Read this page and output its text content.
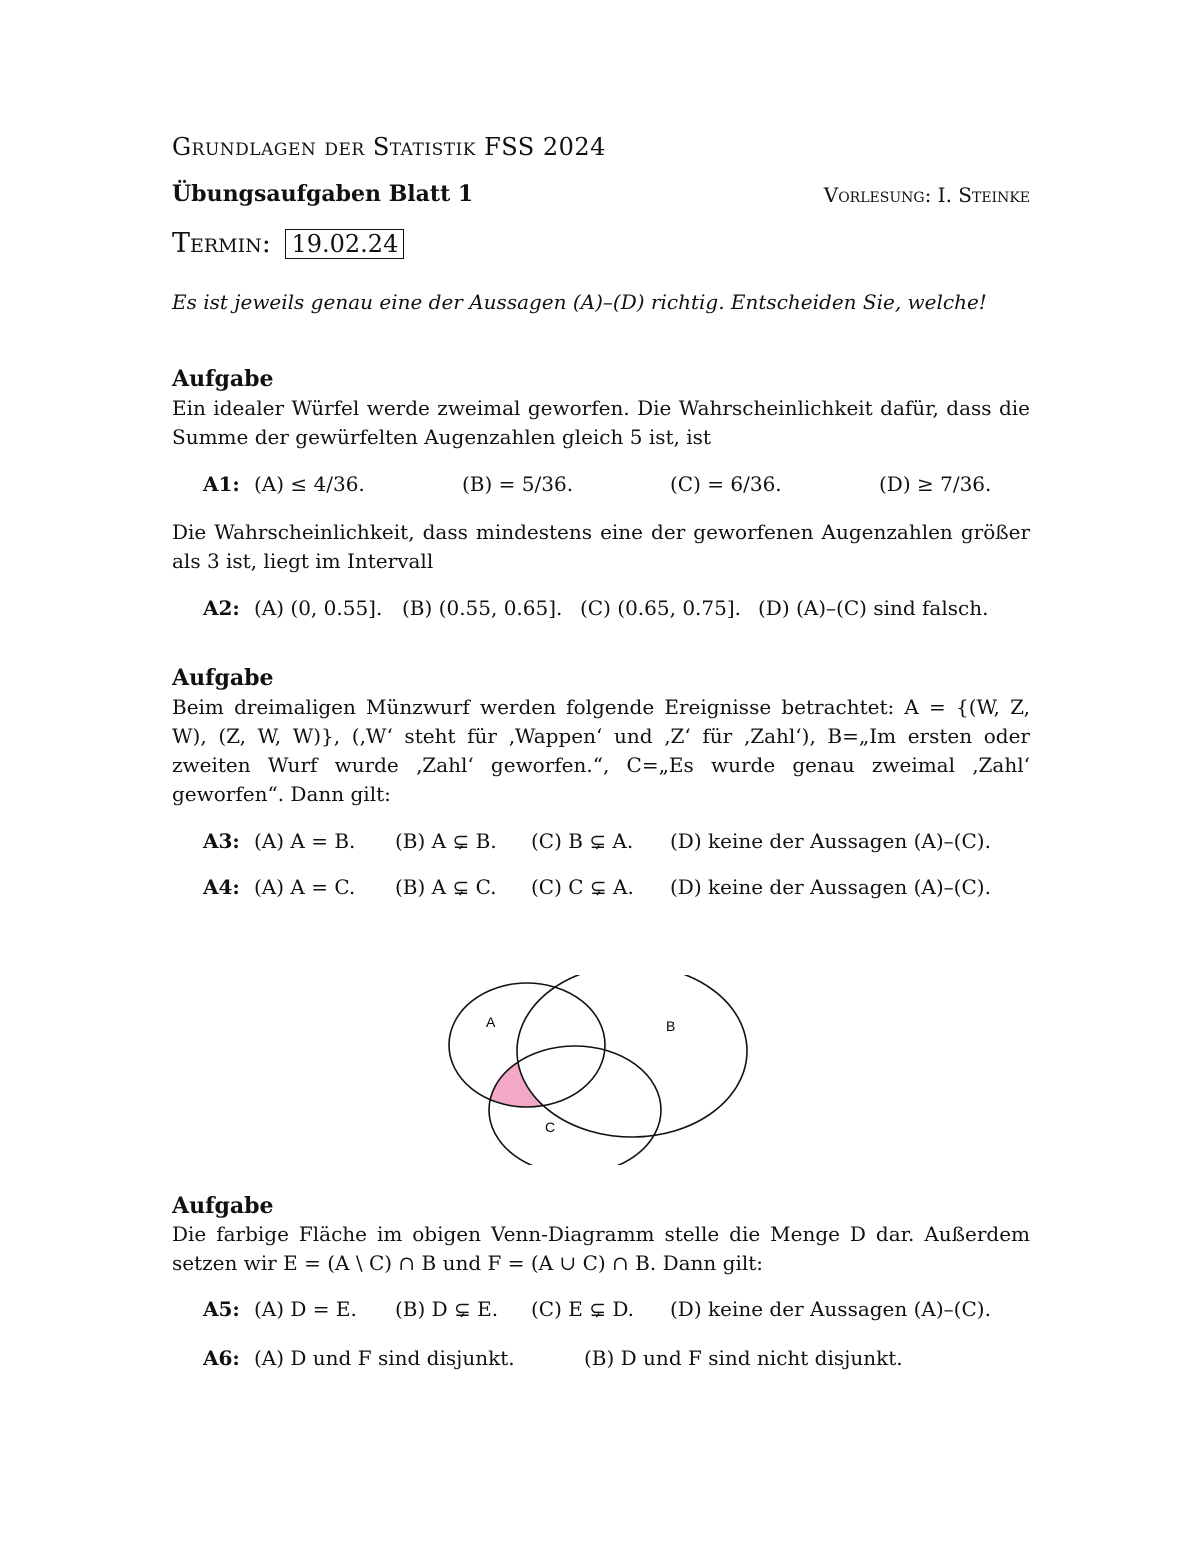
Grundlagen der Statistik FSS 2024
Übungsaufgaben Blatt 1	Vorlesung: I. Steinke
Termin: 19.02.24
Es ist jeweils genau eine der Aussagen (A)–(D) richtig. Entscheiden Sie, welche!
Aufgabe
Ein idealer Würfel werde zweimal geworfen. Die Wahrscheinlichkeit dafür, dass die Summe der gewürfelten Augenzahlen gleich 5 ist, ist
A1: (A) ≤ 4/36.	(B) = 5/36.	(C) = 6/36.	(D) ≥ 7/36.
Die Wahrscheinlichkeit, dass mindestens eine der geworfenen Augenzahlen größer als 3 ist, liegt im Intervall
A2: (A) (0, 0.55]. (B) (0.55, 0.65]. (C) (0.65, 0.75]. (D) (A)–(C) sind falsch.
Aufgabe
Beim dreimaligen Münzwurf werden folgende Ereignisse betrachtet: A = {(W, Z, W), (Z, W, W)}, (‚W‘ steht für ‚Wappen‘ und ‚Z‘ für ‚Zahl‘), B=„Im ersten oder zweiten Wurf wurde ‚Zahl‘ geworfen.“, C=„Es wurde genau zweimal ‚Zahl‘ geworfen“. Dann gilt:
A3: (A) A = B. (B) A ⊊ B. (C) B ⊊ A. (D) keine der Aussagen (A)–(C).
A4: (A) A = C. (B) A ⊊ C. (C) C ⊊ A. (D) keine der Aussagen (A)–(C).
A	B
C
Aufgabe
Die farbige Fläche im obigen Venn-Diagramm stelle die Menge D dar. Außerdem setzen wir E = (A \ C) ∩ B und F = (A ∪ C) ∩ B. Dann gilt:
A5: (A) D = E. (B) D ⊊ E. (C) E ⊊ D. (D) keine der Aussagen (A)–(C).
A6: (A) D und F sind disjunkt.	(B) D und F sind nicht disjunkt.
